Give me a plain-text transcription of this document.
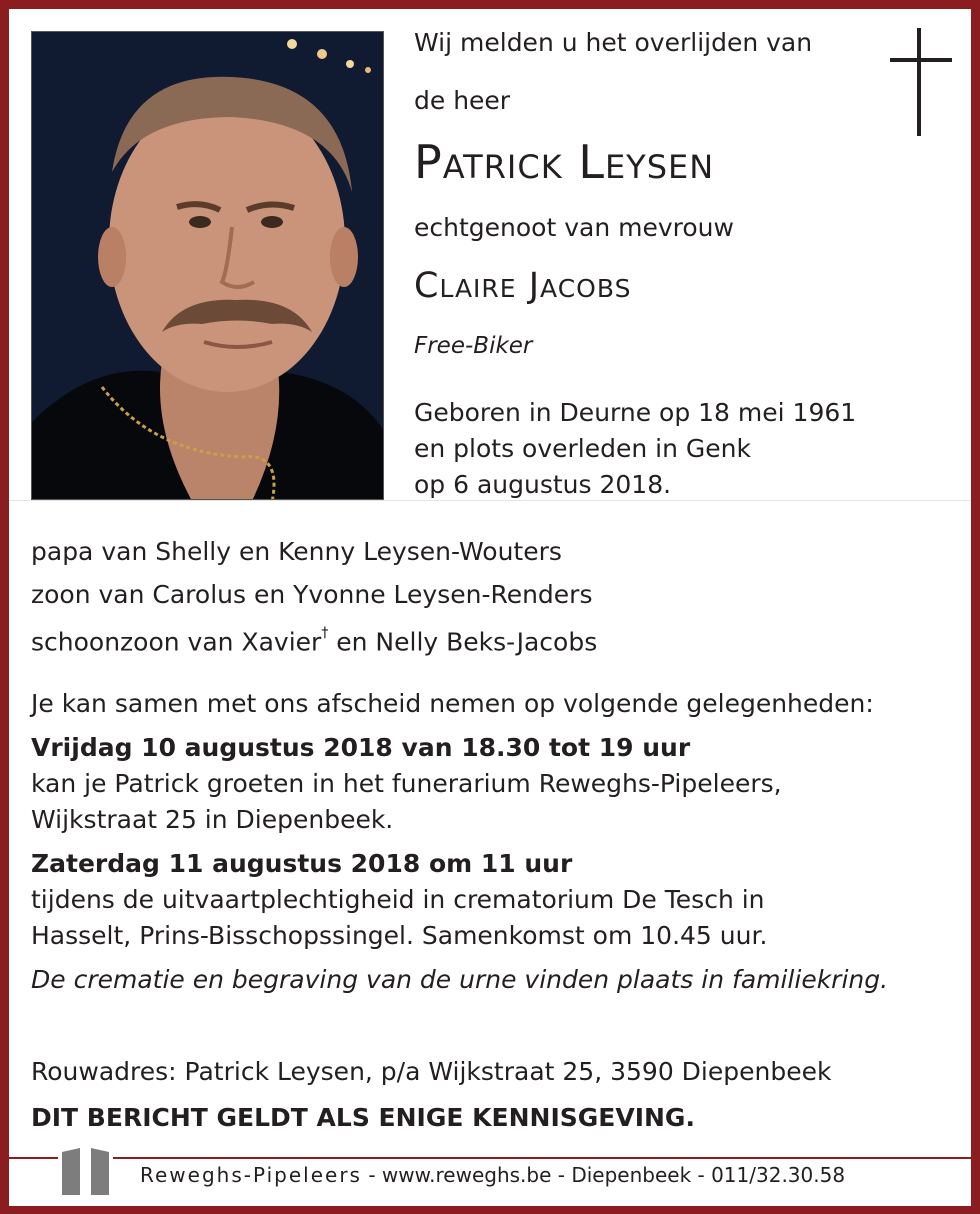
Wij melden u het overlijden van
de heer
Patrick Leysen
echtgenoot van mevrouw
Claire Jacobs
Free-Biker
Geboren in Deurne op 18 mei 1961
en plots overleden in Genk
op 6 augustus 2018.
papa van Shelly en Kenny Leysen-Wouters
zoon van Carolus en Yvonne Leysen-Renders
schoonzoon van Xavier† en Nelly Beks-Jacobs
Je kan samen met ons afscheid nemen op volgende gelegenheden:
Vrijdag 10 augustus 2018 van 18.30 tot 19 uur
kan je Patrick groeten in het funerarium Reweghs-Pipeleers,
Wijkstraat 25 in Diepenbeek.
Zaterdag 11 augustus 2018 om 11 uur
tijdens de uitvaartplechtigheid in crematorium De Tesch in
Hasselt, Prins-Bisschopssingel. Samenkomst om 10.45 uur.
De crematie en begraving van de urne vinden plaats in familiekring.
Rouwadres: Patrick Leysen, p/a Wijkstraat 25, 3590 Diepenbeek
DIT BERICHT GELDT ALS ENIGE KENNISGEVING.
Reweghs-Pipeleers - www.reweghs.be - Diepenbeek - 011/32.30.58
